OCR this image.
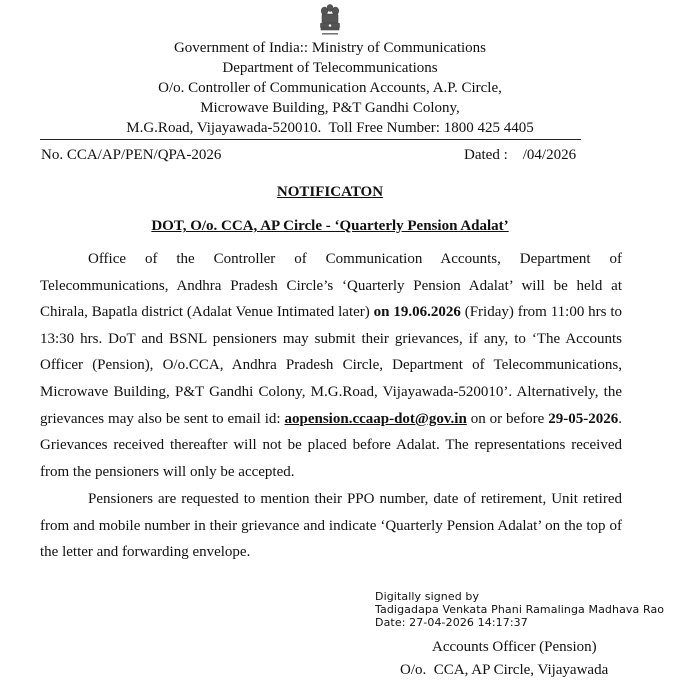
Government of India:: Ministry of Communications
Department of Telecommunications
O/o. Controller of Communication Accounts, A.P. Circle,
Microwave Building, P&T Gandhi Colony,
M.G.Road, Vijayawada-520010.  Toll Free Number: 1800 425 4405
No. CCA/AP/PEN/QPA-2026	Dated :    /04/2026
NOTIFICATON
DOT, O/o. CCA, AP Circle - ‘Quarterly Pension Adalat’
Office of the Controller of Communication Accounts, Department of Telecommunications, Andhra Pradesh Circle’s ‘Quarterly Pension Adalat’ will be held at Chirala, Bapatla district (Adalat Venue Intimated later) on 19.06.2026 (Friday) from 11:00 hrs to 13:30 hrs. DoT and BSNL pensioners may submit their grievances, if any, to ‘The Accounts Officer (Pension), O/o.CCA, Andhra Pradesh Circle, Department of Telecommunications, Microwave Building, P&T Gandhi Colony, M.G.Road, Vijayawada-520010’. Alternatively, the grievances may also be sent to email id: aopension.ccaap-dot@gov.in on or before 29-05-2026. Grievances received thereafter will not be placed before Adalat. The representations received from the pensioners will only be accepted.
Pensioners are requested to mention their PPO number, date of retirement, Unit retired from and mobile number in their grievance and indicate ‘Quarterly Pension Adalat’ on the top of the letter and forwarding envelope.
Digitally signed by
Tadigadapa Venkata Phani Ramalinga Madhava Rao
Date: 27-04-2026 14:17:37
Accounts Officer (Pension)
O/o.  CCA, AP Circle, Vijayawada
